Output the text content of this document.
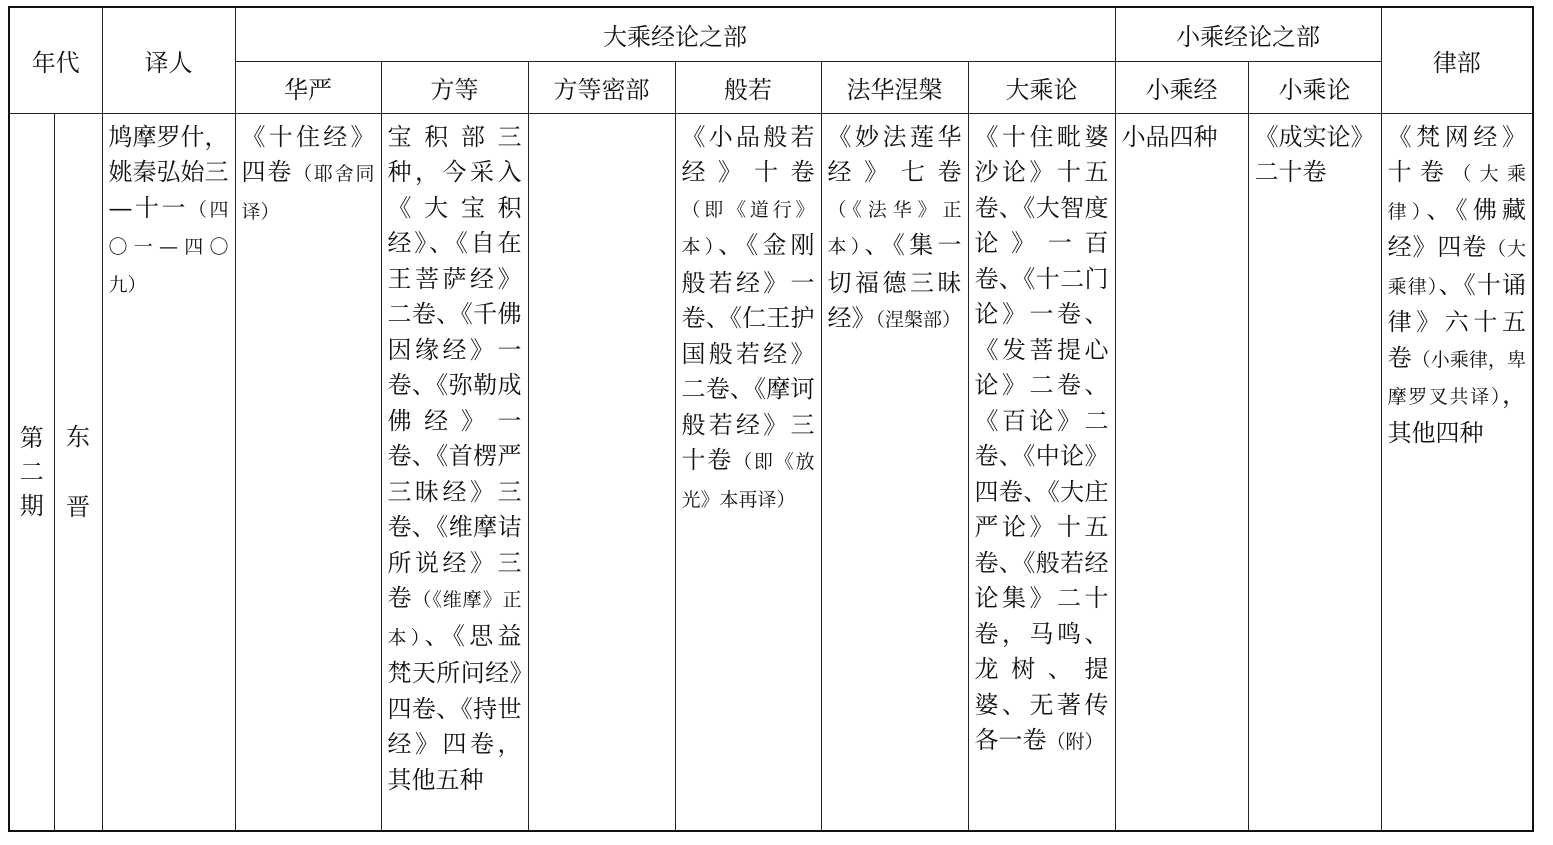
年代		译人	大乘经论之部						小乘经论之部		律部
			华严	方等	方等密部	般若	法华涅槃	大乘论	小乘经	小乘论	

第二期	东晋	鸠摩罗什，姚秦弘始三—十一（四〇一—四〇九）	《十住经》四卷（耶舍同译）	宝积部三种，今采入《大宝积经》、《自在王菩萨经》二卷、《千佛因缘经》一卷、《弥勒成佛经》一卷、《首楞严三昧经》三卷、《维摩诘所说经》三卷（《维摩》正本）、《思益梵天所问经》四卷、《持世经》四卷，其他五种		《小品般若经》十卷（即《道行》本）、《金刚般若经》一卷、《仁王护国般若经》二卷、《摩诃般若经》三十卷（即《放光》本再译）	《妙法莲华经》七卷（《法华》正本）、《集一切福德三昧经》（涅槃部）	《十住毗婆沙论》十五卷、《大智度论》一百卷、《十二门论》一卷、《发菩提心论》二卷、《百论》二卷、《中论》四卷、《大庄严论》十五卷、《般若经论集》二十卷，马鸣、龙树、提婆、无著传各一卷（附）	小品四种	《成实论》二十卷	《梵网经》十卷（大乘律）、《佛藏经》四卷（大乘律）、《十诵律》六十五卷（小乘律，卑摩罗叉共译），其他四种
